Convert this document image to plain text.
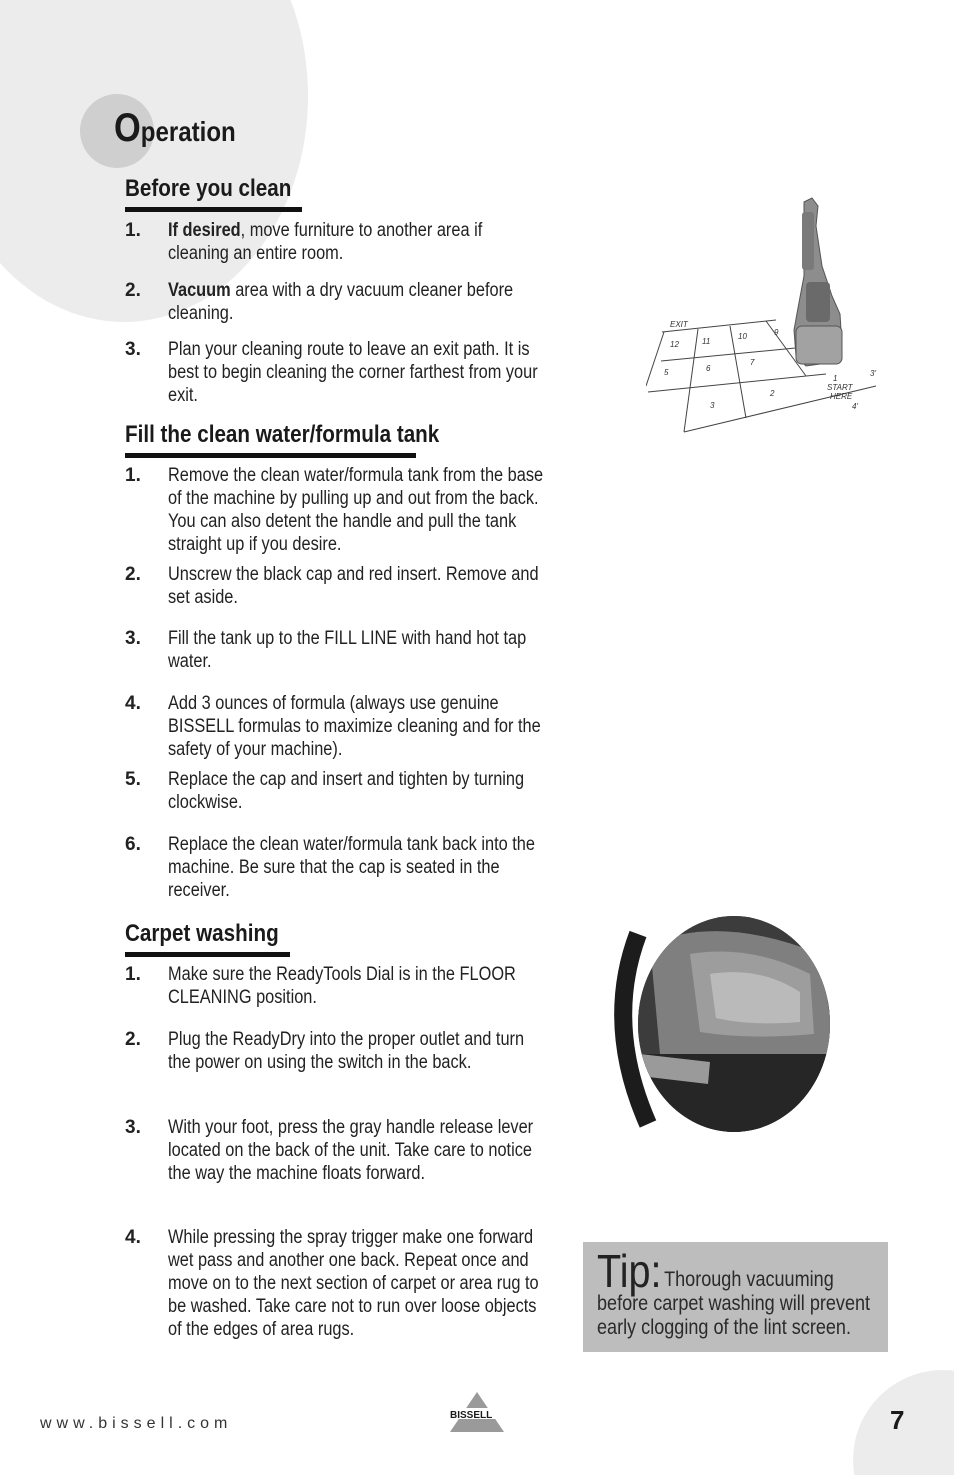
Operation
Before you clean
1. If desired, move furniture to another area if cleaning an entire room.
2. Vacuum area with a dry vacuum cleaner before cleaning.
3. Plan your cleaning route to leave an exit path. It is best to begin cleaning the corner farthest from your exit.
Fill the clean water/formula tank
1. Remove the clean water/formula tank from the base of the machine by pulling up and out from the back. You can also detent the handle and pull the tank straight up if you desire.
2. Unscrew the black cap and red insert. Remove and set aside.
3. Fill the tank up to the FILL LINE with hand hot tap water.
4. Add 3 ounces of formula (always use genuine BISSELL formulas to maximize cleaning and for the safety of your machine).
5. Replace the cap and insert and tighten by turning clockwise.
6. Replace the clean water/formula tank back into the machine. Be sure that the cap is seated in the receiver.
Carpet washing
1. Make sure the ReadyTools Dial is in the FLOOR CLEANING position.
2. Plug the ReadyDry into the proper outlet and turn the power on using the switch in the back.
3. With your foot, press the gray handle release lever located on the back of the unit. Take care to notice the way the machine floats forward.
4. While pressing the spray trigger make one forward wet pass and another one back. Repeat once and move on to the next section of carpet or area rug to be washed. Take care not to run over loose objects of the edges of area rugs.
EXIT
12	11
10	9
5	6
7
3
2
3'
4'
1
START
HERE
Tip: Thorough vacuuming before carpet washing will prevent early clogging of the lint screen.
www.bissell.com	BISSELL	7
